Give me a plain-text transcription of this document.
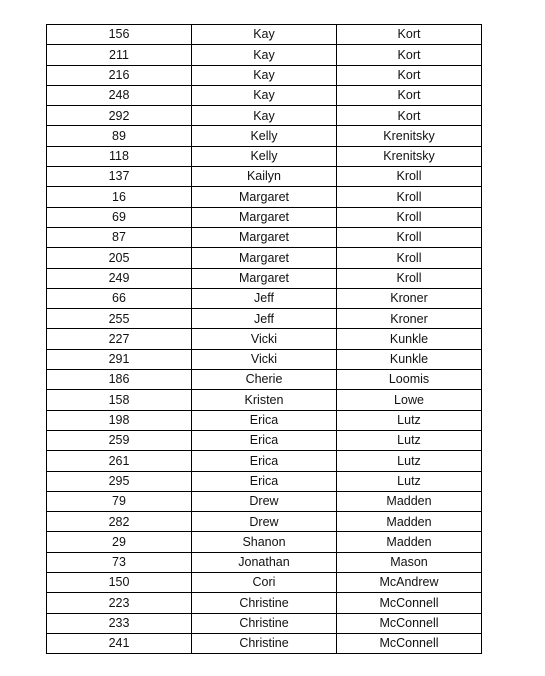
156	Kay	Kort
211	Kay	Kort
216	Kay	Kort
248	Kay	Kort
292	Kay	Kort
89	Kelly	Krenitsky
118	Kelly	Krenitsky
137	Kailyn	Kroll
16	Margaret	Kroll
69	Margaret	Kroll
87	Margaret	Kroll
205	Margaret	Kroll
249	Margaret	Kroll
66	Jeff	Kroner
255	Jeff	Kroner
227	Vicki	Kunkle
291	Vicki	Kunkle
186	Cherie	Loomis
158	Kristen	Lowe
198	Erica	Lutz
259	Erica	Lutz
261	Erica	Lutz
295	Erica	Lutz
79	Drew	Madden
282	Drew	Madden
29	Shanon	Madden
73	Jonathan	Mason
150	Cori	McAndrew
223	Christine	McConnell
233	Christine	McConnell
241	Christine	McConnell
